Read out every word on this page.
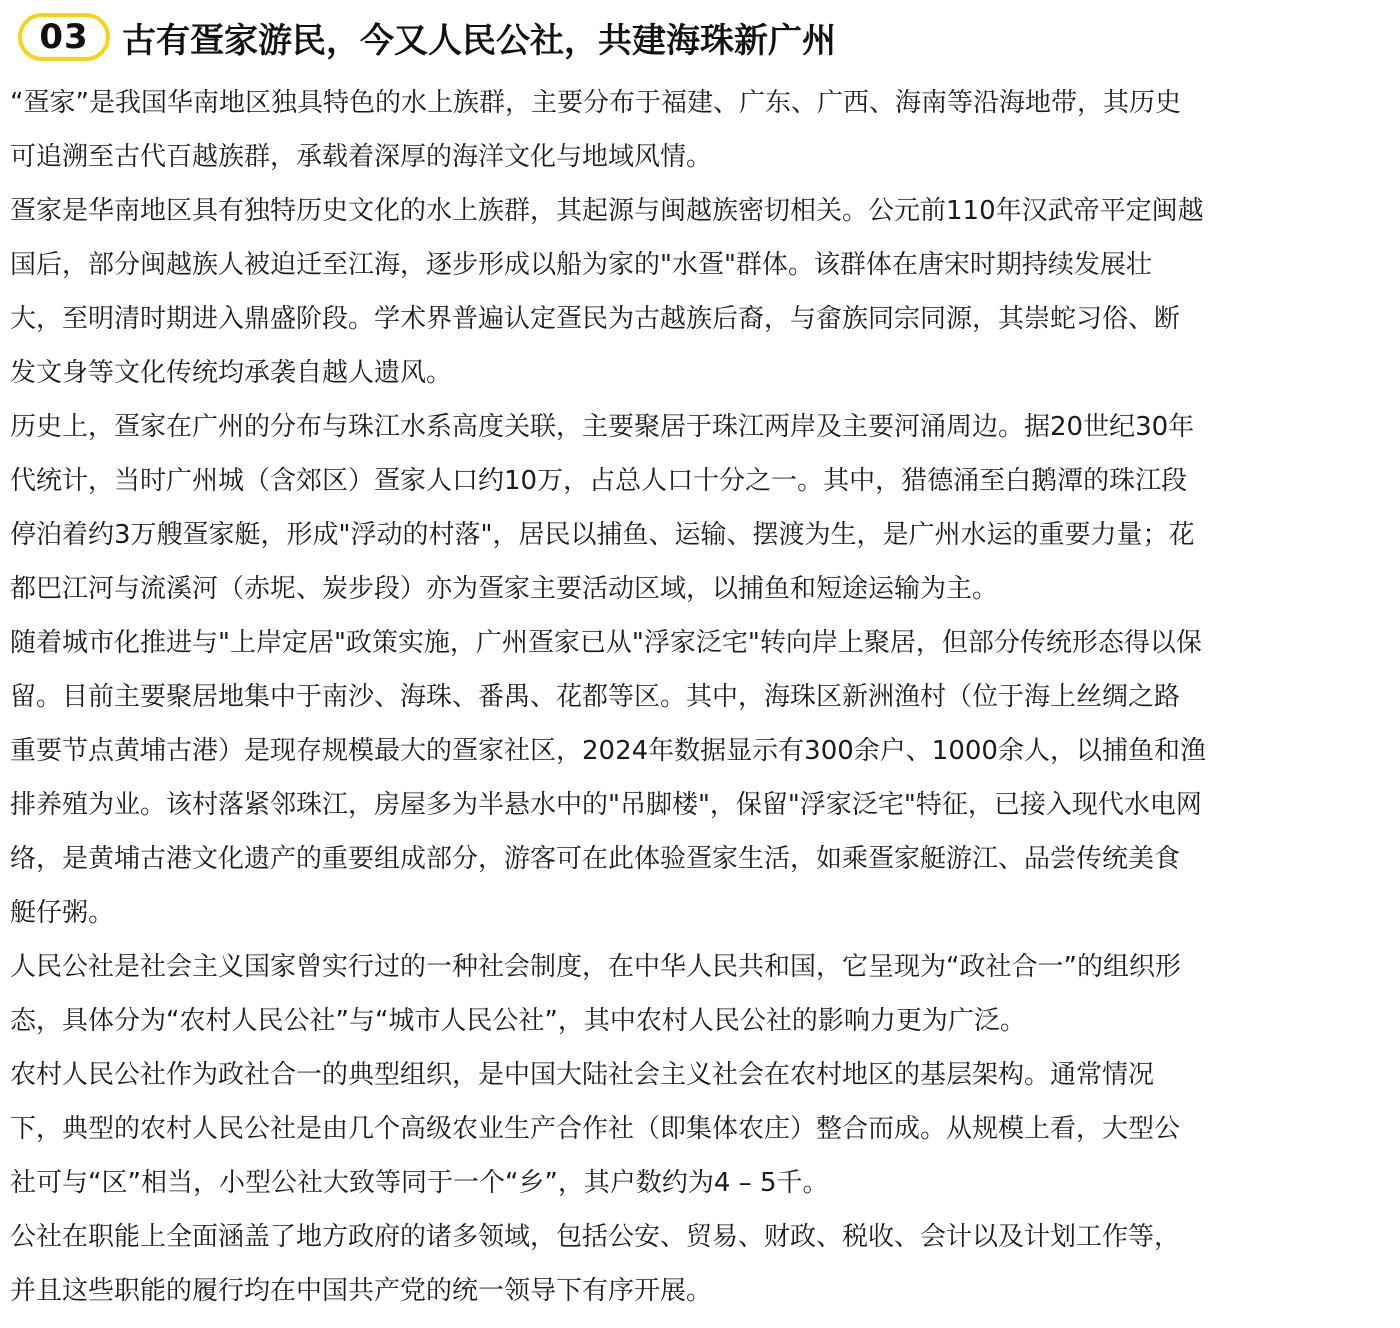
03 古有疍家游民，今又人民公社，共建海珠新广州

“疍家”是我国华南地区独具特色的水上族群，主要分布于福建、广东、广西、海南等沿海地带，其历史
可追溯至古代百越族群，承载着深厚的海洋文化与地域风情。

疍家是华南地区具有独特历史文化的水上族群，其起源与闽越族密切相关。公元前110年汉武帝平定闽越
国后，部分闽越族人被迫迁至江海，逐步形成以船为家的"水疍"群体。该群体在唐宋时期持续发展壮
大，至明清时期进入鼎盛阶段。学术界普遍认定疍民为古越族后裔，与畲族同宗同源，其崇蛇习俗、断
发文身等文化传统均承袭自越人遗风。

历史上，疍家在广州的分布与珠江水系高度关联，主要聚居于珠江两岸及主要河涌周边。据20世纪30年
代统计，当时广州城（含郊区）疍家人口约10万，占总人口十分之一。其中，猎德涌至白鹅潭的珠江段
停泊着约3万艘疍家艇，形成"浮动的村落"，居民以捕鱼、运输、摆渡为生，是广州水运的重要力量；花
都巴江河与流溪河（赤坭、炭步段）亦为疍家主要活动区域，以捕鱼和短途运输为主。

随着城市化推进与"上岸定居"政策实施，广州疍家已从"浮家泛宅"转向岸上聚居，但部分传统形态得以保
留。目前主要聚居地集中于南沙、海珠、番禺、花都等区。其中，海珠区新洲渔村（位于海上丝绸之路
重要节点黄埔古港）是现存规模最大的疍家社区，2024年数据显示有300余户、1000余人，以捕鱼和渔
排养殖为业。该村落紧邻珠江，房屋多为半悬水中的"吊脚楼"，保留"浮家泛宅"特征，已接入现代水电网
络，是黄埔古港文化遗产的重要组成部分，游客可在此体验疍家生活，如乘疍家艇游江、品尝传统美食
艇仔粥。

人民公社是社会主义国家曾实行过的一种社会制度，在中华人民共和国，它呈现为“政社合一”的组织形
态，具体分为“农村人民公社”与“城市人民公社”，其中农村人民公社的影响力更为广泛。

农村人民公社作为政社合一的典型组织，是中国大陆社会主义社会在农村地区的基层架构。通常情况
下，典型的农村人民公社是由几个高级农业生产合作社（即集体农庄）整合而成。从规模上看，大型公
社可与“区”相当，小型公社大致等同于一个“乡”，其户数约为4 – 5千。

公社在职能上全面涵盖了地方政府的诸多领域，包括公安、贸易、财政、税收、会计以及计划工作等，
并且这些职能的履行均在中国共产党的统一领导下有序开展。
